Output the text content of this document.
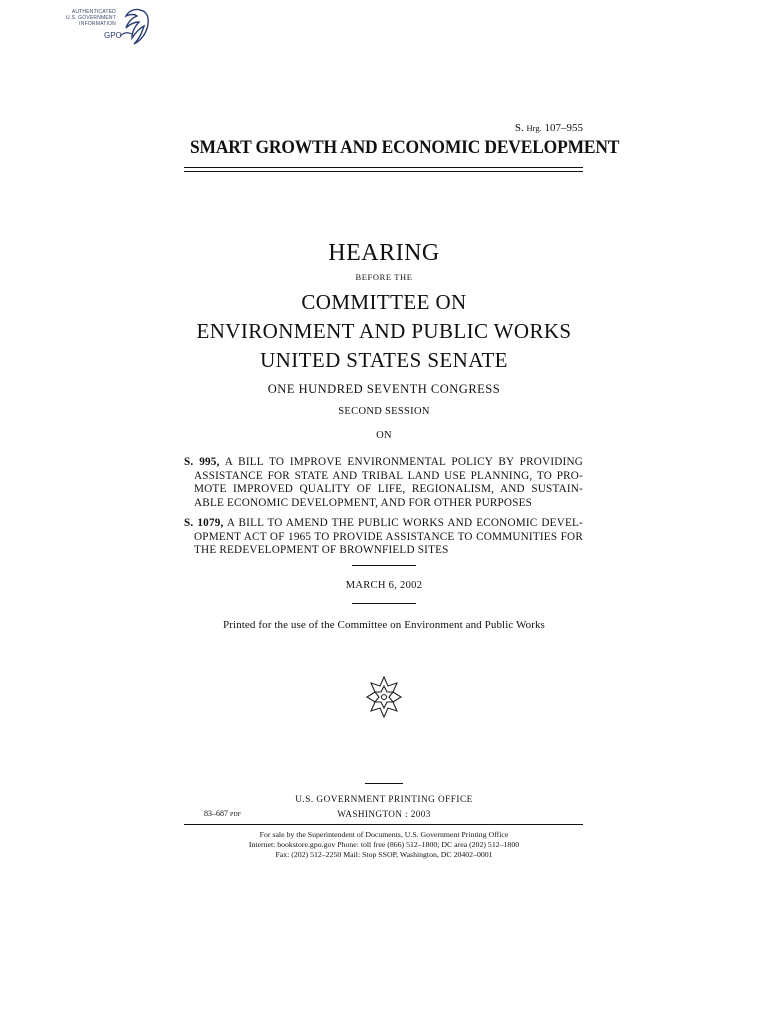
AUTHENTICATED
U.S. GOVERNMENT
INFORMATION
GPO
S. Hrg. 107–955
SMART GROWTH AND ECONOMIC DEVELOPMENT
HEARING
BEFORE THE
COMMITTEE ON
ENVIRONMENT AND PUBLIC WORKS
UNITED STATES SENATE
ONE HUNDRED SEVENTH CONGRESS
SECOND SESSION
ON

S. 995, A BILL TO IMPROVE ENVIRONMENTAL POLICY BY PROVIDING ASSISTANCE FOR STATE AND TRIBAL LAND USE PLANNING, TO PRO-MOTE IMPROVED QUALITY OF LIFE, REGIONALISM, AND SUSTAIN-ABLE ECONOMIC DEVELOPMENT, AND FOR OTHER PURPOSES

S. 1079, A BILL TO AMEND THE PUBLIC WORKS AND ECONOMIC DEVEL-OPMENT ACT OF 1965 TO PROVIDE ASSISTANCE TO COMMUNITIES FOR THE REDEVELOPMENT OF BROWNFIELD SITES

MARCH 6, 2002
Printed for the use of the Committee on Environment and Public Works
U.S. GOVERNMENT PRINTING OFFICE
83–687 PDF	WASHINGTON : 2003
For sale by the Superintendent of Documents, U.S. Government Printing Office
Internet: bookstore.gpo.gov Phone: toll free (866) 512–1800; DC area (202) 512–1800
Fax: (202) 512–2250 Mail: Stop SSOP, Washington, DC 20402–0001
